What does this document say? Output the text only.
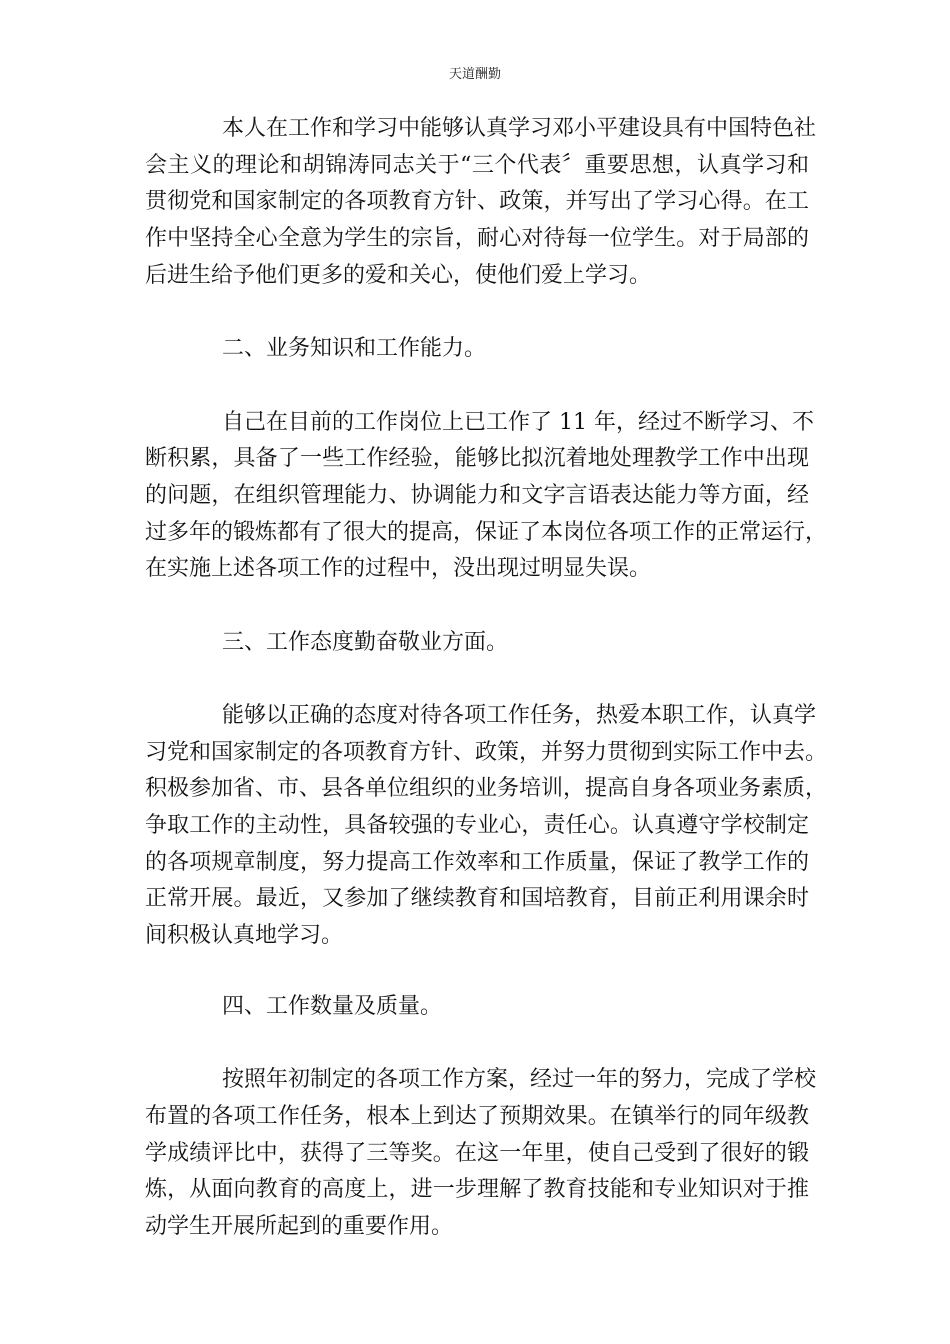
天道酬勤
本人在工作和学习中能够认真学习邓小平建设具有中国特色社
会主义的理论和胡锦涛同志关于“三个代表〞重要思想，认真学习和
贯彻党和国家制定的各项教育方针、政策，并写出了学习心得。在工
作中坚持全心全意为学生的宗旨，耐心对待每一位学生。对于局部的
后进生给予他们更多的爱和关心，使他们爱上学习。
二、业务知识和工作能力。
自己在目前的工作岗位上已工作了 11 年，经过不断学习、不
断积累，具备了一些工作经验，能够比拟沉着地处理教学工作中出现
的问题，在组织管理能力、协调能力和文字言语表达能力等方面，经
过多年的锻炼都有了很大的提高，保证了本岗位各项工作的正常运行，
在实施上述各项工作的过程中，没出现过明显失误。
三、工作态度勤奋敬业方面。
能够以正确的态度对待各项工作任务，热爱本职工作，认真学
习党和国家制定的各项教育方针、政策，并努力贯彻到实际工作中去。
积极参加省、市、县各单位组织的业务培训，提高自身各项业务素质，
争取工作的主动性，具备较强的专业心，责任心。认真遵守学校制定
的各项规章制度，努力提高工作效率和工作质量，保证了教学工作的
正常开展。最近，又参加了继续教育和国培教育，目前正利用课余时
间积极认真地学习。
四、工作数量及质量。
按照年初制定的各项工作方案，经过一年的努力，完成了学校
布置的各项工作任务，根本上到达了预期效果。在镇举行的同年级教
学成绩评比中，获得了三等奖。在这一年里，使自己受到了很好的锻
炼，从面向教育的高度上，进一步理解了教育技能和专业知识对于推
动学生开展所起到的重要作用。
